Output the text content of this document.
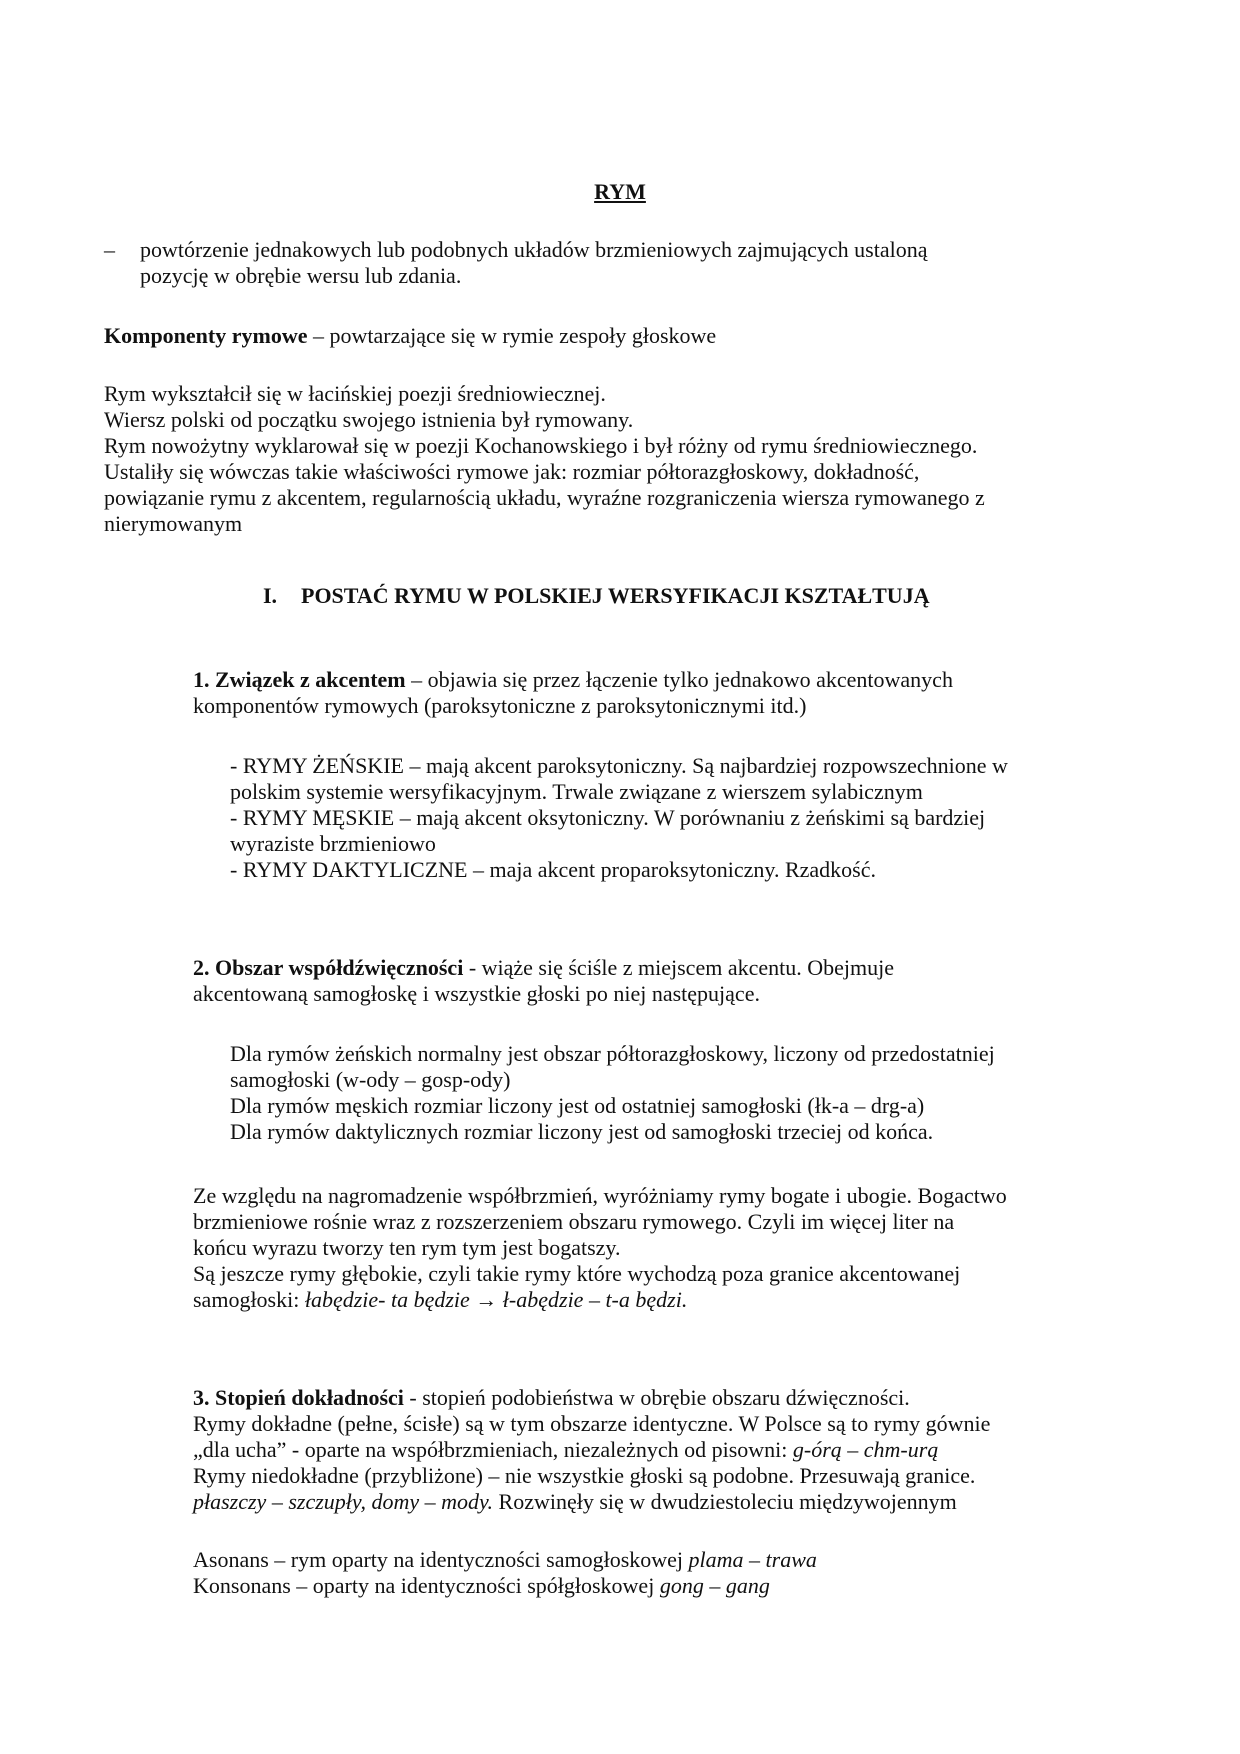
RYM
– powtórzenie jednakowych lub podobnych układów brzmieniowych zajmujących ustaloną
pozycję w obrębie wersu lub zdania.
Komponenty rymowe – powtarzające się w rymie zespoły głoskowe
Rym wykształcił się w łacińskiej poezji średniowiecznej.
Wiersz polski od początku swojego istnienia był rymowany.
Rym nowożytny wyklarował się w poezji Kochanowskiego i był różny od rymu średniowiecznego.
Ustaliły się wówczas takie właściwości rymowe jak: rozmiar półtorazgłoskowy, dokładność,
powiązanie rymu z akcentem, regularnością układu, wyraźne rozgraniczenia wiersza rymowanego z
nierymowanym
I. POSTAĆ RYMU W POLSKIEJ WERSYFIKACJI KSZTAŁTUJĄ
1. Związek z akcentem – objawia się przez łączenie tylko jednakowo akcentowanych
komponentów rymowych (paroksytoniczne z paroksytonicznymi itd.)
- RYMY ŻEŃSKIE – mają akcent paroksytoniczny. Są najbardziej rozpowszechnione w
polskim systemie wersyfikacyjnym. Trwale związane z wierszem sylabicznym
- RYMY MĘSKIE – mają akcent oksytoniczny. W porównaniu z żeńskimi są bardziej
wyraziste brzmieniowo
- RYMY DAKTYLICZNE – maja akcent proparoksytoniczny. Rzadkość.
2. Obszar współdźwięczności - wiąże się ściśle z miejscem akcentu. Obejmuje
akcentowaną samogłoskę i wszystkie głoski po niej następujące.
Dla rymów żeńskich normalny jest obszar półtorazgłoskowy, liczony od przedostatniej
samogłoski (w-ody – gosp-ody)
Dla rymów męskich rozmiar liczony jest od ostatniej samogłoski (łk-a – drg-a)
Dla rymów daktylicznych rozmiar liczony jest od samogłoski trzeciej od końca.
Ze względu na nagromadzenie współbrzmień, wyróżniamy rymy bogate i ubogie. Bogactwo
brzmieniowe rośnie wraz z rozszerzeniem obszaru rymowego. Czyli im więcej liter na
końcu wyrazu tworzy ten rym tym jest bogatszy.
Są jeszcze rymy głębokie, czyli takie rymy które wychodzą poza granice akcentowanej
samogłoski: łabędzie- ta będzie → ł-abędzie – t-a będzi.
3. Stopień dokładności - stopień podobieństwa w obrębie obszaru dźwięczności.
Rymy dokładne (pełne, ścisłe) są w tym obszarze identyczne. W Polsce są to rymy gównie
„dla ucha” - oparte na współbrzmieniach, niezależnych od pisowni: g-órą – chm-urą
Rymy niedokładne (przybliżone) – nie wszystkie głoski są podobne. Przesuwają granice.
płaszczy – szczupły, domy – mody. Rozwinęły się w dwudziestoleciu międzywojennym
Asonans – rym oparty na identyczności samogłoskowej plama – trawa
Konsonans – oparty na identyczności spółgłoskowej gong – gang
